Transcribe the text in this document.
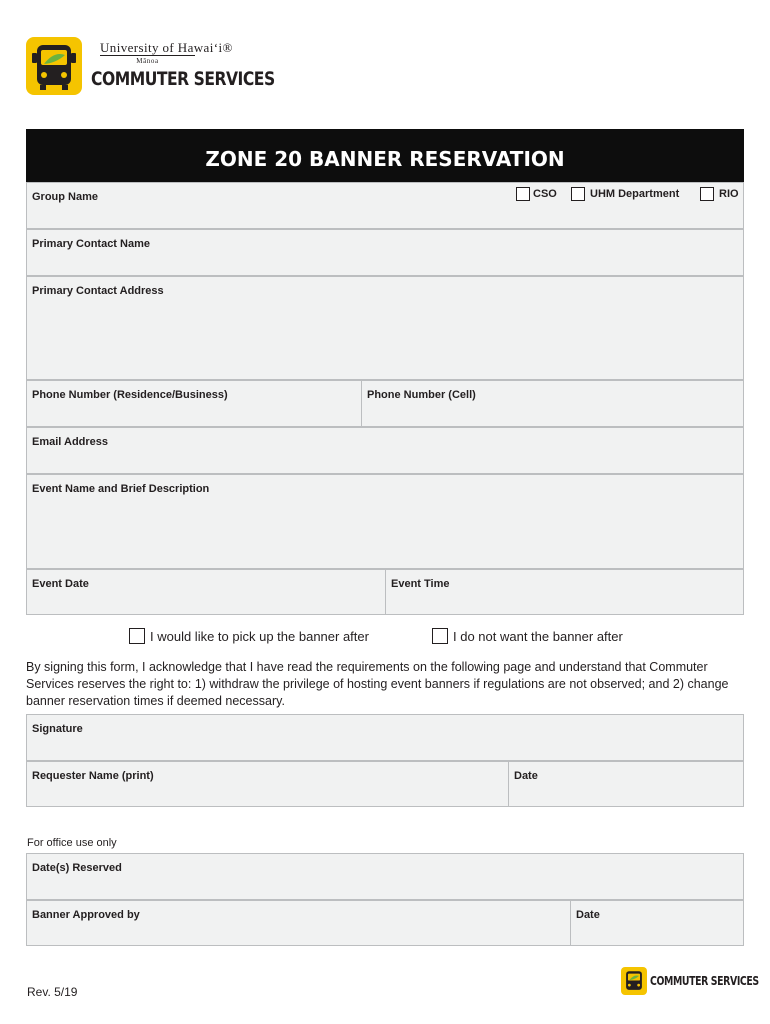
University of Hawai‘i®
Mānoa
COMMUTER SERVICES
ZONE 20 BANNER RESERVATION
Group Name	CSO	UHM Department	RIO
Primary Contact Name
Primary Contact Address
Phone Number (Residence/Business)	Phone Number (Cell)
Email Address
Event Name and Brief Description
Event Date	Event Time
I would like to pick up the banner after	I do not want the banner after
By signing this form, I acknowledge that I have read the requirements on the following page and understand that Commuter Services reserves the right to: 1) withdraw the privilege of hosting event banners if regulations are not observed; and 2) change banner reservation times if deemed necessary.
Signature
Requester Name (print)	Date
For office use only
Date(s) Reserved
Banner Approved by	Date
Rev. 5/19
COMMUTER SERVICES
